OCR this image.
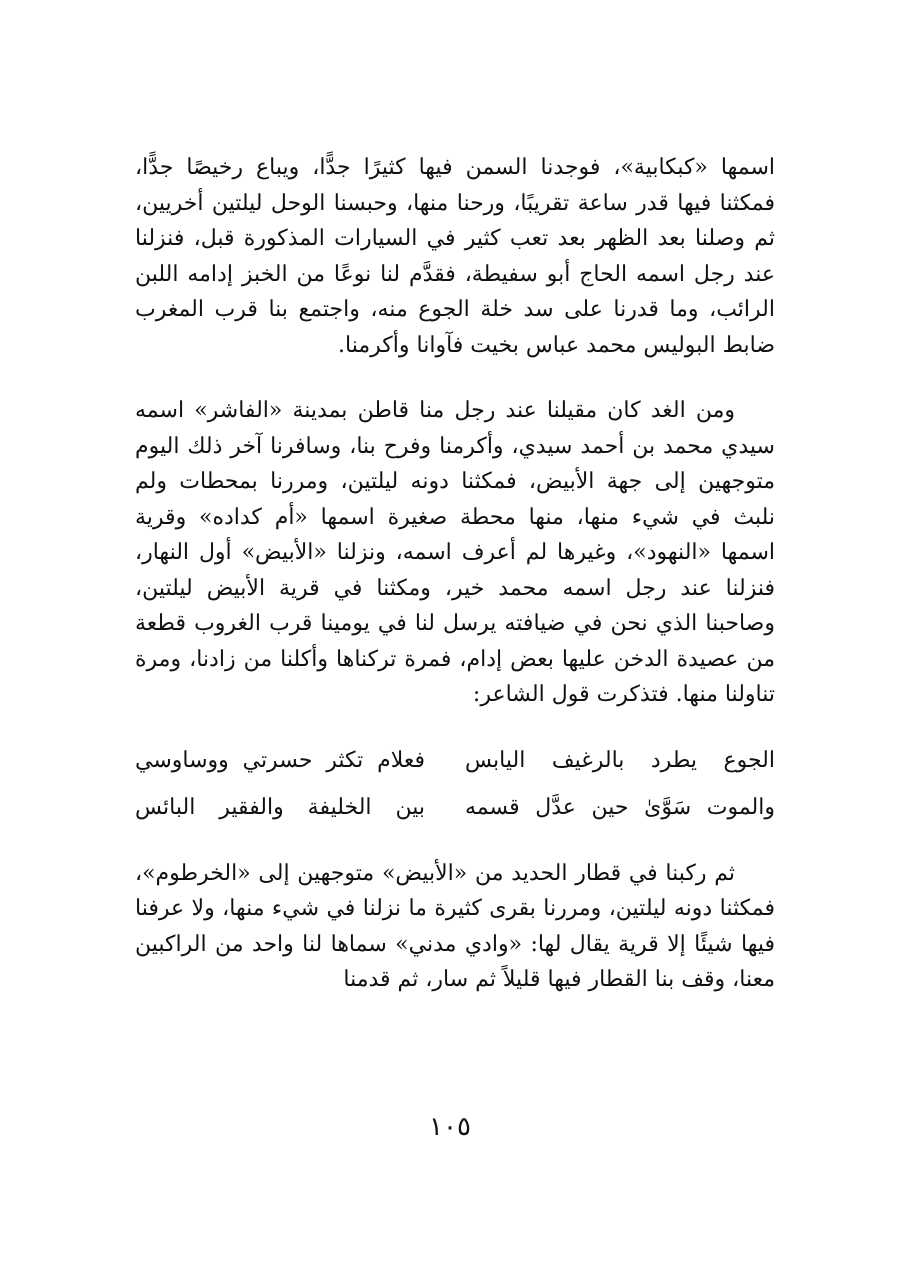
اسمها «كبكابية»، فوجدنا السمن فيها كثيرًا جدًّا، ويباع رخيصًا جدًّا، فمكثنا فيها قدر ساعة تقريبًا، ورحنا منها، وحبسنا الوحل ليلتين أخريين، ثم وصلنا بعد الظهر بعد تعب كثير في السيارات المذكورة قبل، فنزلنا عند رجل اسمه الحاج أبو سفيطة، فقدَّم لنا نوعًا من الخبز إدامه اللبن الرائب، وما قدرنا على سد خلة الجوع منه، واجتمع بنا قرب المغرب ضابط البوليس محمد عباس بخيت فآوانا وأكرمنا.

ومن الغد كان مقيلنا عند رجل منا قاطن بمدينة «الفاشر» اسمه سيدي محمد بن أحمد سيدي، وأكرمنا وفرح بنا، وسافرنا آخر ذلك اليوم متوجهين إلى جهة الأبيض، فمكثنا دونه ليلتين، ومررنا بمحطات ولم نلبث في شيء منها، منها محطة صغيرة اسمها «أم كداده» وقرية اسمها «النهود»، وغيرها لم أعرف اسمه، ونزلنا «الأبيض» أول النهار، فنزلنا عند رجل اسمه محمد خير، ومكثنا في قرية الأبيض ليلتين، وصاحبنا الذي نحن في ضيافته يرسل لنا في يومينا قرب الغروب قطعة من عصيدة الدخن عليها بعض إدام، فمرة تركناها وأكلنا من زادنا، ومرة تناولنا منها. فتذكرت قول الشاعر:

الجوع يطرد بالرغيف اليابس
فعلام تكثر حسرتي ووساوسي
والموت سَوَّىٰ حين عدَّل قسمه
بين الخليفة والفقير البائس

ثم ركبنا في قطار الحديد من «الأبيض» متوجهين إلى «الخرطوم»، فمكثنا دونه ليلتين، ومررنا بقرى كثيرة ما نزلنا في شيء منها، ولا عرفنا فيها شيئًا إلا قرية يقال لها: «وادي مدني» سماها لنا واحد من الراكبين معنا، وقف بنا القطار فيها قليلاً ثم سار، ثم قدمنا

١٠٥
